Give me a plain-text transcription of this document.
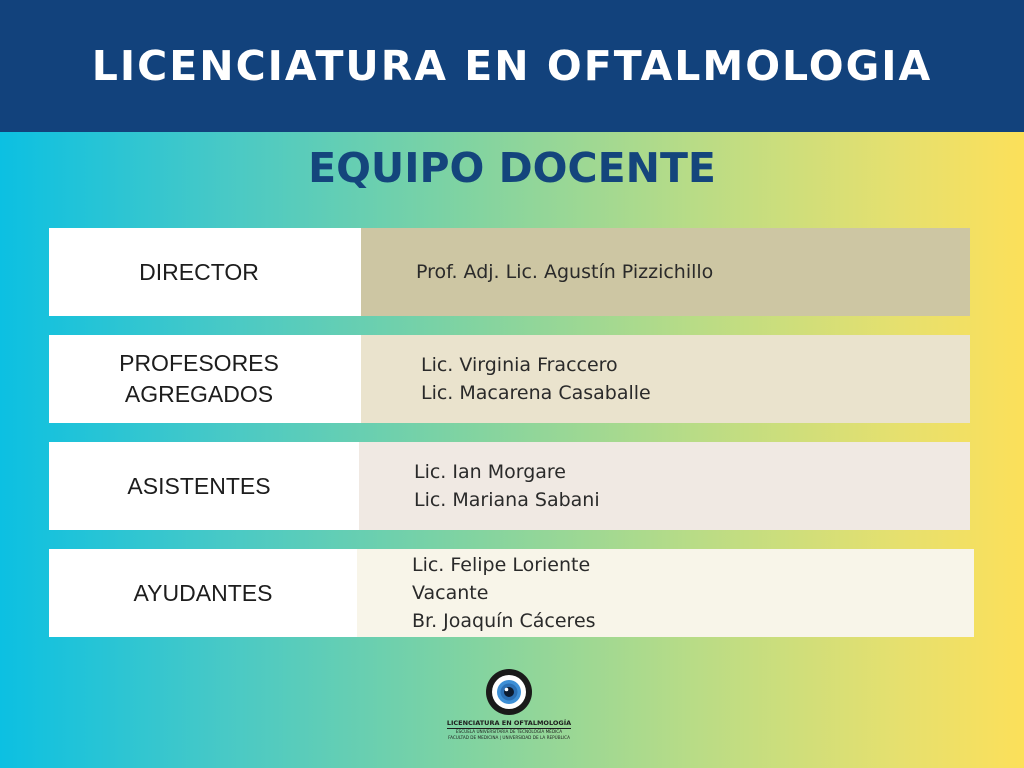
LICENCIATURA EN OFTALMOLOGIA
EQUIPO DOCENTE
DIRECTOR	Prof. Adj. Lic. Agustín Pizzichillo
PROFESORES
AGREGADOS
Lic. Virginia Fraccero
Lic. Macarena Casaballe
ASISTENTES
Lic. Ian Morgare
Lic. Mariana Sabani
AYUDANTES
Lic. Felipe Loriente
Vacante
Br. Joaquín Cáceres
LICENCIATURA EN OFTALMOLOGÍA
ESCUELA UNIVERSITARIA DE TECNOLOGÍA MÉDICA
FACULTAD DE MEDICINA | UNIVERSIDAD DE LA REPÚBLICA
